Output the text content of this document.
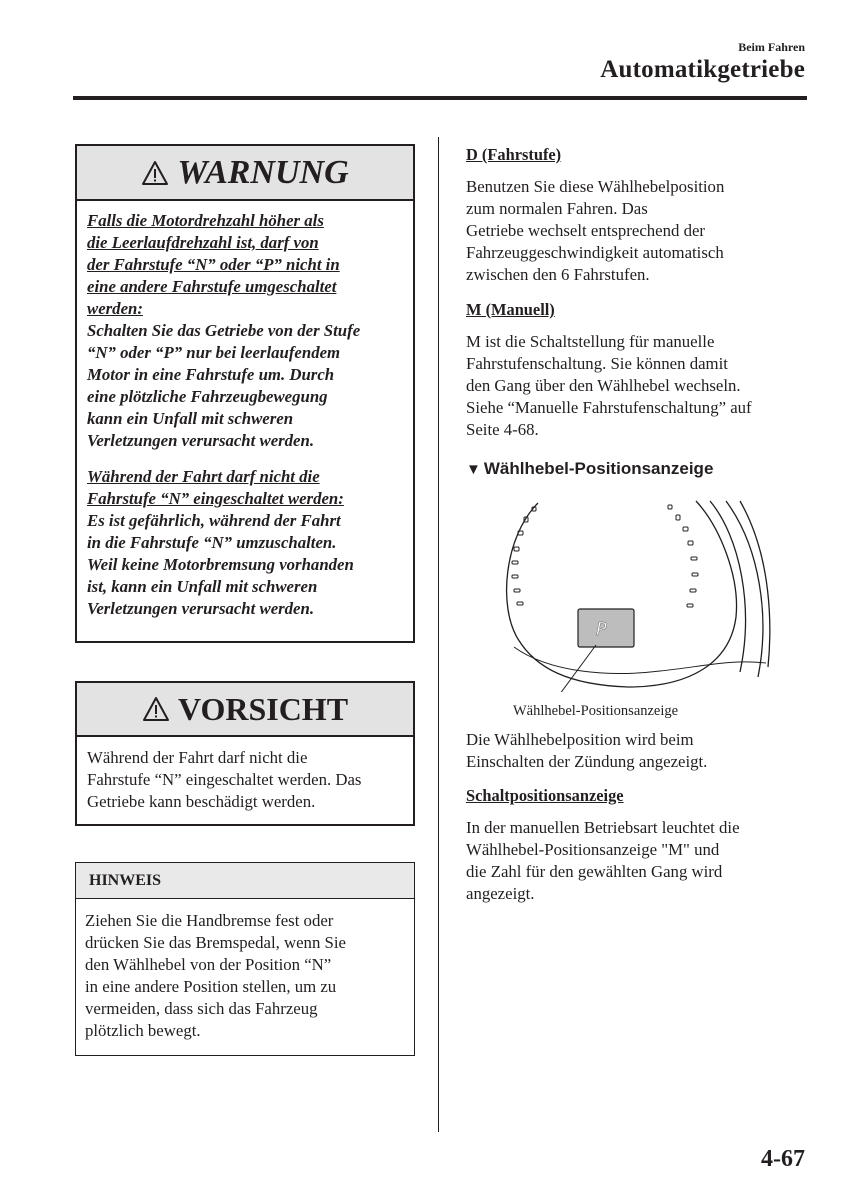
Beim Fahren
Automatikgetriebe
WARNUNG

Falls die Motordrehzahl höher als
die Leerlaufdrehzahl ist, darf von
der Fahrstufe “N” oder “P” nicht in
eine andere Fahrstufe umgeschaltet
werden:
Schalten Sie das Getriebe von der Stufe
“N” oder “P” nur bei leerlaufendem
Motor in eine Fahrstufe um. Durch
eine plötzliche Fahrzeugbewegung
kann ein Unfall mit schweren
Verletzungen verursacht werden.

Während der Fahrt darf nicht die
Fahrstufe “N” eingeschaltet werden:
Es ist gefährlich, während der Fahrt
in die Fahrstufe “N” umzuschalten.
Weil keine Motorbremsung vorhanden
ist, kann ein Unfall mit schweren
Verletzungen verursacht werden.

VORSICHT
Während der Fahrt darf nicht die
Fahrstufe “N” eingeschaltet werden. Das
Getriebe kann beschädigt werden.
HINWEIS
Ziehen Sie die Handbremse fest oder
drücken Sie das Bremspedal, wenn Sie
den Wählhebel von der Position “N”
in eine andere Position stellen, um zu
vermeiden, dass sich das Fahrzeug
plötzlich bewegt.
D (Fahrstufe)
Benutzen Sie diese Wählhebelposition
zum normalen Fahren. Das
Getriebe wechselt entsprechend der
Fahrzeuggeschwindigkeit automatisch
zwischen den 6 Fahrstufen.
M (Manuell)
M ist die Schaltstellung für manuelle
Fahrstufenschaltung. Sie können damit
den Gang über den Wählhebel wechseln.
Siehe “Manuelle Fahrstufenschaltung” auf
Seite 4-68.
▼ Wählhebel-Positionsanzeige
P
Wählhebel-Positionsanzeige
Die Wählhebelposition wird beim
Einschalten der Zündung angezeigt.
Schaltpositionsanzeige
In der manuellen Betriebsart leuchtet die
Wählhebel-Positionsanzeige "M" und
die Zahl für den gewählten Gang wird
angezeigt.
4-67
